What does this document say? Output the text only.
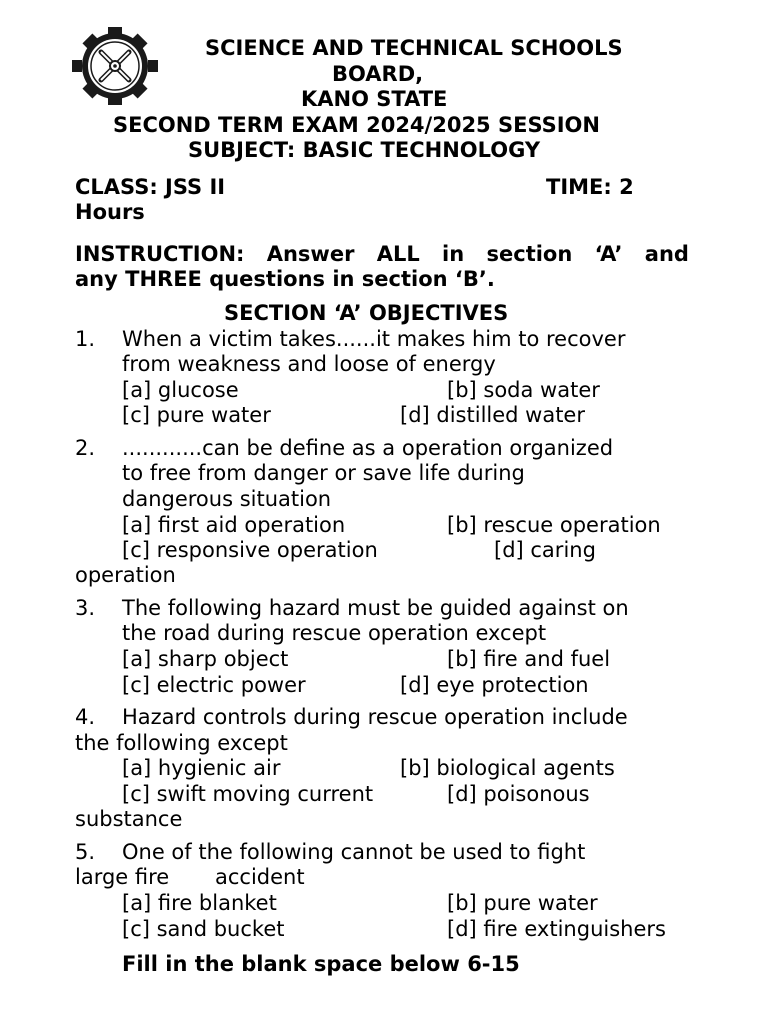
SCIENCE AND TECHNICAL SCHOOLS
BOARD,
KANO STATE
SECOND TERM EXAM 2024/2025 SESSION
SUBJECT: BASIC TECHNOLOGY
CLASS: JSS II	TIME: 2
Hours
INSTRUCTION: Answer ALL in section ‘A’ and
any THREE questions in section ‘B’.
SECTION ‘A’ OBJECTIVES
1. When a victim takes......it makes him to recover
from weakness and loose of energy
[a] glucose	[b] soda water
[c] pure water	[d] distilled water
2. ............can be define as a operation organized
to free from danger or save life during
dangerous situation
[a] first aid operation	[b] rescue operation
[c] responsive operation	[d] caring
operation
3. The following hazard must be guided against on
the road during rescue operation except
[a] sharp object	[b] fire and fuel
[c] electric power	[d] eye protection
4. Hazard controls during rescue operation include
the following except
[a] hygienic air	[b] biological agents
[c] swift moving current	[d] poisonous
substance
5. One of the following cannot be used to fight
large fire accident
[a] fire blanket	[b] pure water
[c] sand bucket	[d] fire extinguishers
Fill in the blank space below 6-15
